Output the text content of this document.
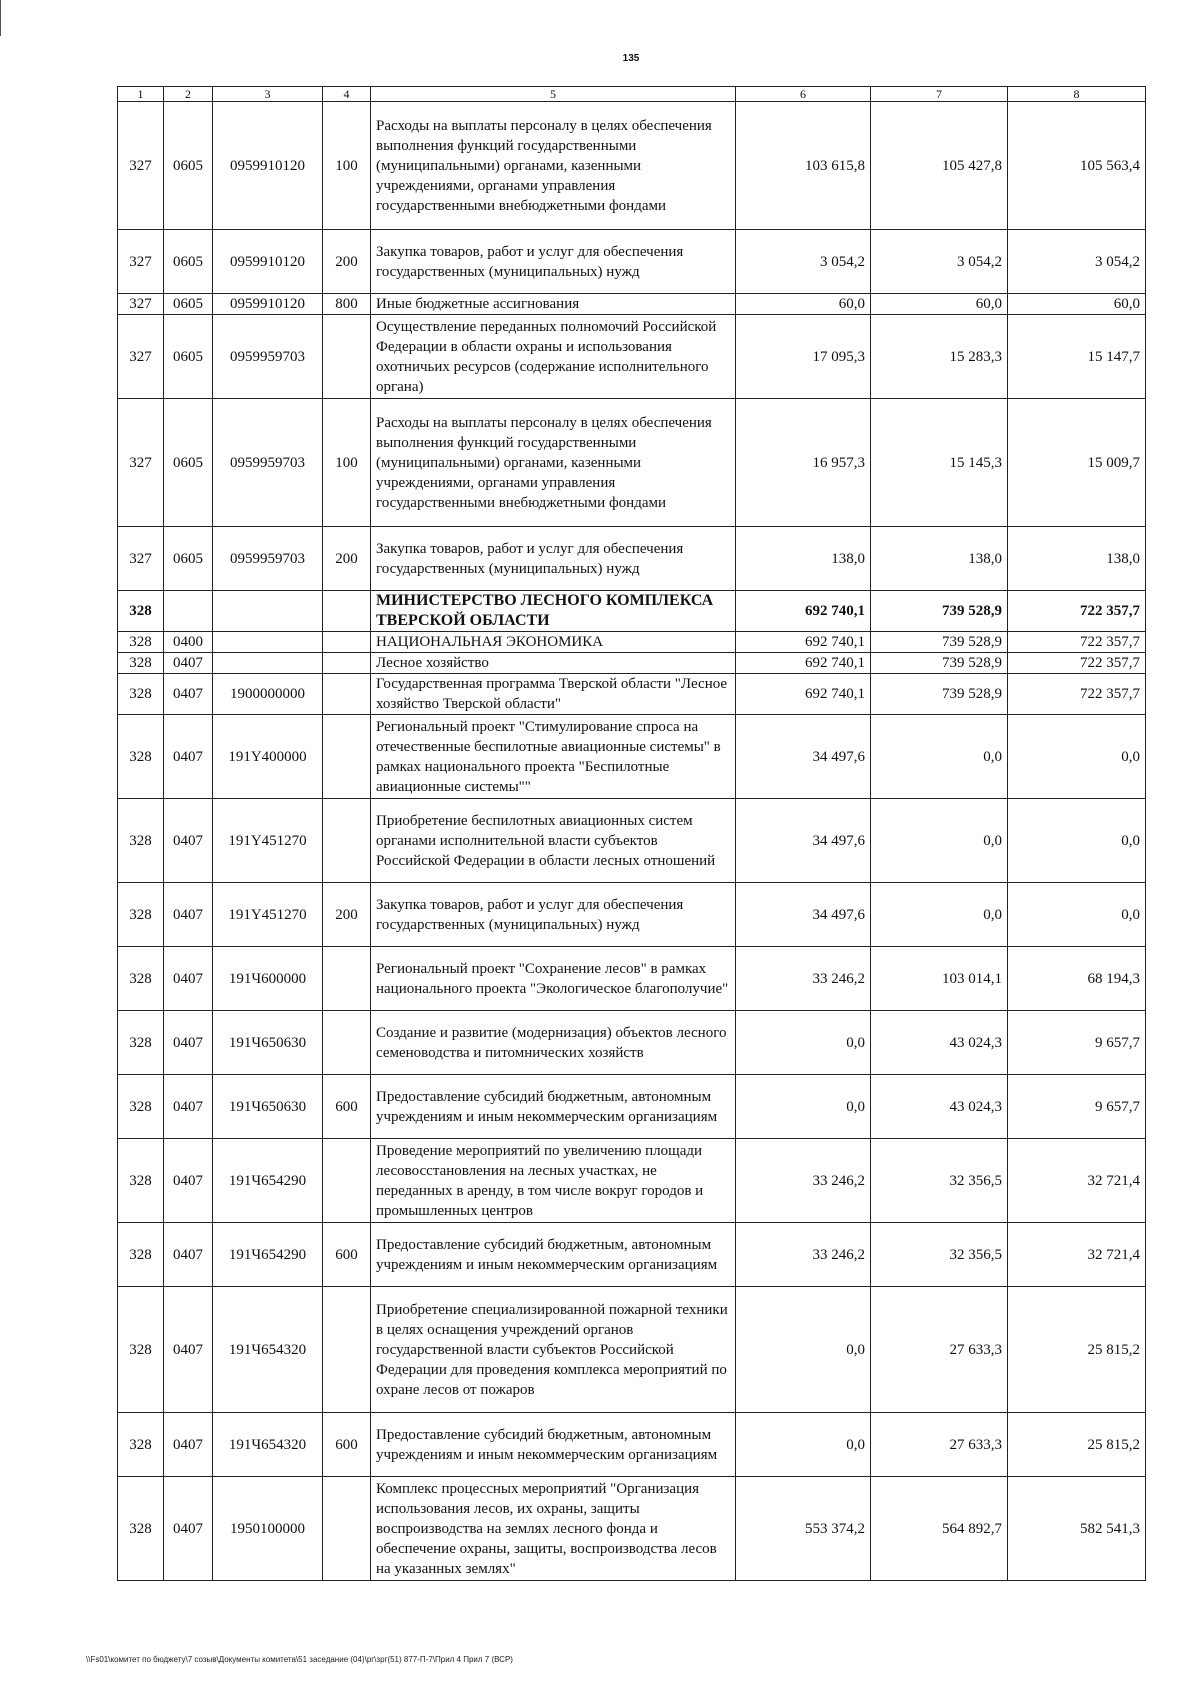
135
1	2	3	4	5	6	7	8
327	0605	0959910120	100	Расходы на выплаты персоналу в целях обеспечения выполнения функций государственными (муниципальными) органами, казенными учреждениями, органами управления государственными внебюджетными фондами	103 615,8	105 427,8	105 563,4
327	0605	0959910120	200	Закупка товаров, работ и услуг для обеспечения государственных (муниципальных) нужд	3 054,2	3 054,2	3 054,2
327	0605	0959910120	800	Иные бюджетные ассигнования	60,0	60,0	60,0
327	0605	0959959703		Осуществление переданных полномочий Российской Федерации в области охраны и использования охотничьих ресурсов (содержание исполнительного органа)	17 095,3	15 283,3	15 147,7
327	0605	0959959703	100	Расходы на выплаты персоналу в целях обеспечения выполнения функций государственными (муниципальными) органами, казенными учреждениями, органами управления государственными внебюджетными фондами	16 957,3	15 145,3	15 009,7
327	0605	0959959703	200	Закупка товаров, работ и услуг для обеспечения государственных (муниципальных) нужд	138,0	138,0	138,0
328				МИНИСТЕРСТВО ЛЕСНОГО КОМПЛЕКСА ТВЕРСКОЙ ОБЛАСТИ	692 740,1	739 528,9	722 357,7
328	0400			НАЦИОНАЛЬНАЯ ЭКОНОМИКА	692 740,1	739 528,9	722 357,7
328	0407			Лесное хозяйство	692 740,1	739 528,9	722 357,7
328	0407	1900000000		Государственная программа Тверской области "Лесное хозяйство Тверской области"	692 740,1	739 528,9	722 357,7
328	0407	191Y400000		Региональный проект "Стимулирование спроса на отечественные беспилотные авиационные системы" в рамках национального проекта "Беспилотные авиационные системы""	34 497,6	0,0	0,0
328	0407	191Y451270		Приобретение беспилотных авиационных систем органами исполнительной власти субъектов Российской Федерации в области лесных отношений	34 497,6	0,0	0,0
328	0407	191Y451270	200	Закупка товаров, работ и услуг для обеспечения государственных (муниципальных) нужд	34 497,6	0,0	0,0
328	0407	191Ч600000		Региональный проект "Сохранение лесов" в рамках национального проекта "Экологическое благополучие"	33 246,2	103 014,1	68 194,3
328	0407	191Ч650630		Создание и развитие (модернизация) объектов лесного семеноводства и питомнических хозяйств	0,0	43 024,3	9 657,7
328	0407	191Ч650630	600	Предоставление субсидий бюджетным, автономным учреждениям и иным некоммерческим организациям	0,0	43 024,3	9 657,7
328	0407	191Ч654290		Проведение мероприятий по увеличению площади лесовосстановления на лесных участках, не переданных в аренду, в том числе вокруг городов и промышленных центров	33 246,2	32 356,5	32 721,4
328	0407	191Ч654290	600	Предоставление субсидий бюджетным, автономным учреждениям и иным некоммерческим организациям	33 246,2	32 356,5	32 721,4
328	0407	191Ч654320		Приобретение специализированной пожарной техники в целях оснащения учреждений органов государственной власти субъектов Российской Федерации для проведения комплекса мероприятий по охране лесов от пожаров	0,0	27 633,3	25 815,2
328	0407	191Ч654320	600	Предоставление субсидий бюджетным, автономным учреждениям и иным некоммерческим организациям	0,0	27 633,3	25 815,2
328	0407	1950100000		Комплекс процессных мероприятий "Организация использования лесов, их охраны, защиты воспроизводства на землях лесного фонда и обеспечение охраны, защиты, воспроизводства лесов на указанных землях"	553 374,2	564 892,7	582 541,3
\\Fs01\комитет по бюджету\7 созыв\Документы комитета\51 заседание (04)\рг\зрг(51) 877-П-7\Прил 4 Прил 7 (ВСР)
